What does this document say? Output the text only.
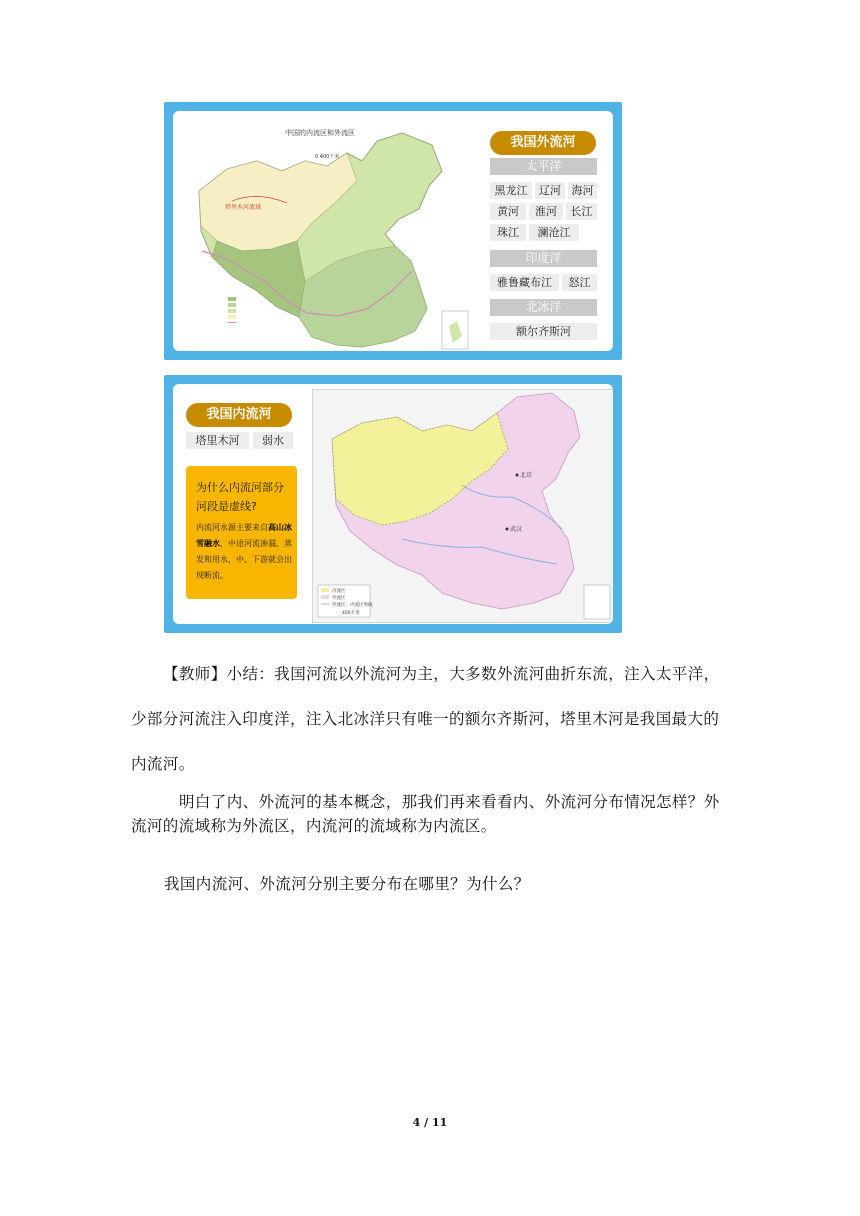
中国的内流区和外流区
0 400千米
塔里木河流域
我国外流河
太平洋
黑龙江	辽河 海河
黄河	淮河	长江
珠江	澜沧江
印度洋
雅鲁藏布江	怒江
北冰洋
额尔齐斯河
我国内流河
塔里木河	弱水
为什么内流河部分河段是虚线?
内流河水源主要来自高山冰雪融水，中途河流渗漏、蒸发和用水，中、下游就会出现断流。
北京
武汉
内流区
外流区
外流区、内流区界线
400千米
【教师】小结：我国河流以外流河为主，大多数外流河曲折东流，注入太平洋，少部分河流注入印度洋，注入北冰洋只有唯一的额尔齐斯河，塔里木河是我国最大的内流河。
明白了内、外流河的基本概念，那我们再来看看内、外流河分布情况怎样？外流河的流域称为外流区，内流河的流域称为内流区。
我国内流河、外流河分别主要分布在哪里？为什么？
4 / 11
